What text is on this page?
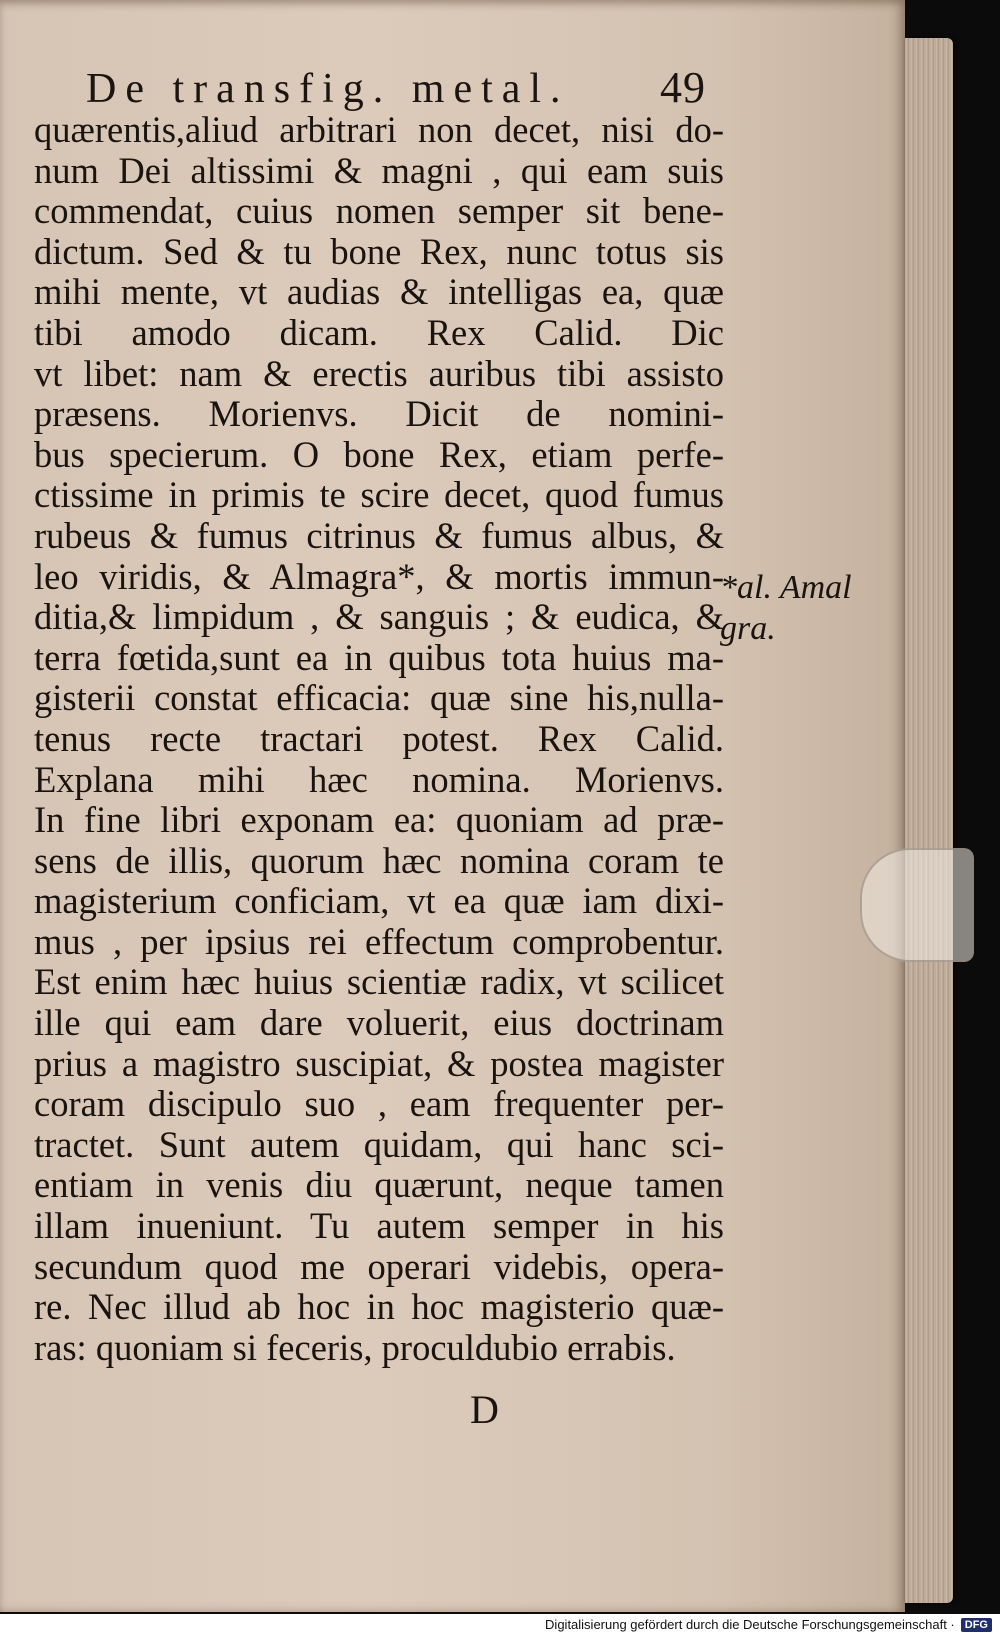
De transfig. metal. 49
quærentis,aliud arbitrari non decet, nisi do-
num Dei altissimi & magni , qui eam suis
commendat, cuius nomen semper sit bene-
dictum. Sed & tu bone Rex, nunc totus sis
mihi mente, vt audias & intelligas ea, quæ
tibi amodo dicam. Rex Calid. Dic
vt libet: nam & erectis auribus tibi assisto
præsens. Morienvs. Dicit de nomini-
bus specierum. O bone Rex, etiam perfe-
ctissime in primis te scire decet, quod fumus
rubeus & fumus citrinus & fumus albus, &
leo viridis, & Almagra*, & mortis immun-
ditia,& limpidum , & sanguis ; & eudica, &
terra fœtida,sunt ea in quibus tota huius ma-
gisterii constat efficacia: quæ sine his,nulla-
tenus recte tractari potest. Rex Calid.
Explana mihi hæc nomina. Morienvs.
In fine libri exponam ea: quoniam ad præ-
sens de illis, quorum hæc nomina coram te
magisterium conficiam, vt ea quæ iam dixi-
mus , per ipsius rei effectum comprobentur.
Est enim hæc huius scientiæ radix, vt scilicet
ille qui eam dare voluerit, eius doctrinam
prius a magistro suscipiat, & postea magister
coram discipulo suo , eam frequenter per-
tractet. Sunt autem quidam, qui hanc sci-
entiam in venis diu quærunt, neque tamen
illam inueniunt. Tu autem semper in his
secundum quod me operari videbis, opera-
re. Nec illud ab hoc in hoc magisterio quæ-
ras: quoniam si feceris, proculdubio errabis.
*al. Amal
gra.
D
Digitalisierung gefördert durch die Deutsche Forschungsgemeinschaft · DFG
